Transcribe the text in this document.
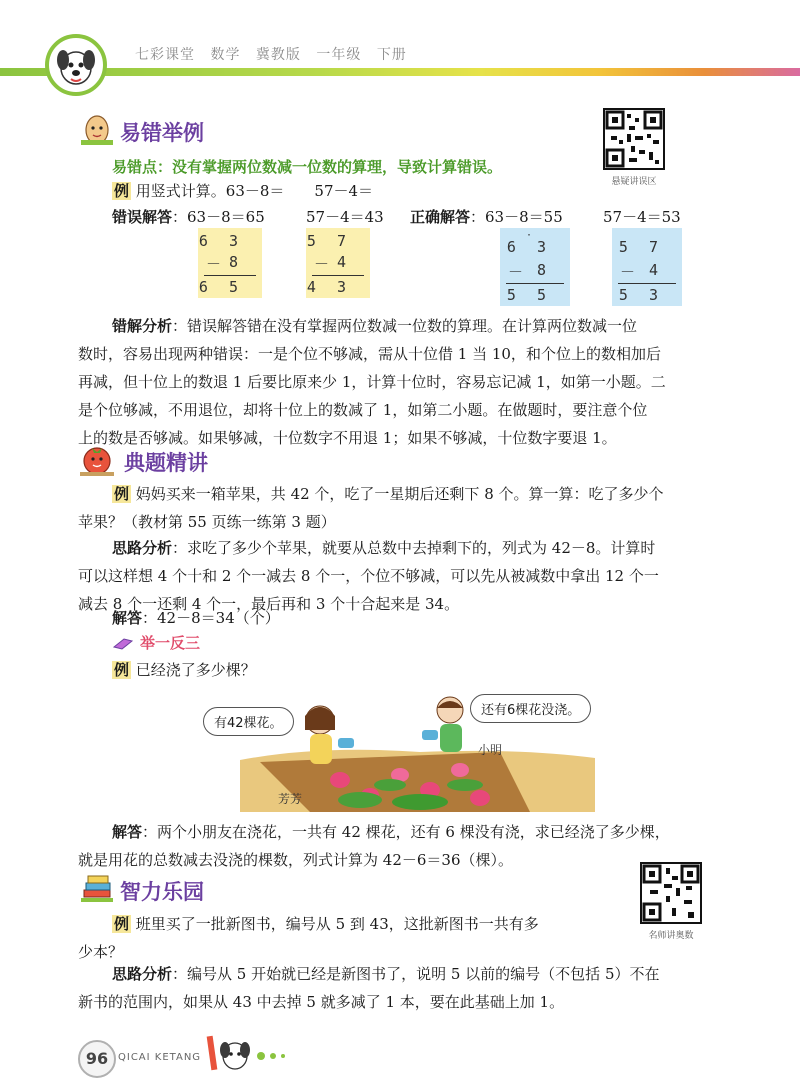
七彩课堂 数学 冀教版 一年级 下册
易错举例
悬疑讲误区
易错点：没有掌握两位数减一位数的算理，导致计算错误。
例 用竖式计算。63－8＝　　57－4＝
错误解答：63－8＝65	57－4＝43 正确解答：63－8＝55	57－4＝53
6 3
－ 8
6 5
5 7
－ 4
4 3
·
6 3
－ 8
5 5
5 7
－ 4
5 3
错解分析：错误解答错在没有掌握两位数减一位数的算理。在计算两位数减一位
数时，容易出现两种错误：一是个位不够减，需从十位借 1 当 10，和个位上的数相加后
再减，但十位上的数退 1 后要比原来少 1，计算十位时，容易忘记减 1，如第一小题。二
是个位够减，不用退位，却将十位上的数减了 1，如第二小题。在做题时，要注意个位
上的数是否够减。如果够减，十位数字不用退 1；如果不够减，十位数字要退 1。
典题精讲
例 妈妈买来一箱苹果，共 42 个，吃了一星期后还剩下 8 个。算一算：吃了多少个
苹果？（教材第 55 页练一练第 3 题）
思路分析：求吃了多少个苹果，就要从总数中去掉剩下的，列式为 42－8。计算时
可以这样想 4 个十和 2 个一减去 8 个一，个位不够减，可以先从被减数中拿出 12 个一
减去 8 个一还剩 4 个一，最后再和 3 个十合起来是 34。
解答：42－8＝34（个）
举一反三
例 已经浇了多少棵？
有42棵花。
还有6棵花没浇。
小明
芳芳
解答：两个小朋友在浇花，一共有 42 棵花，还有 6 棵没有浇，求已经浇了多少棵，
就是用花的总数减去没浇的棵数，列式计算为 42－6＝36（棵）。
智力乐园
名师讲奥数
例 班里买了一批新图书，编号从 5 到 43，这批新图书一共有多
少本？
思路分析：编号从 5 开始就已经是新图书了，说明 5 以前的编号（不包括 5）不在
新书的范围内，如果从 43 中去掉 5 就多减了 1 本，要在此基础上加 1。
96 QICAI KETANG
